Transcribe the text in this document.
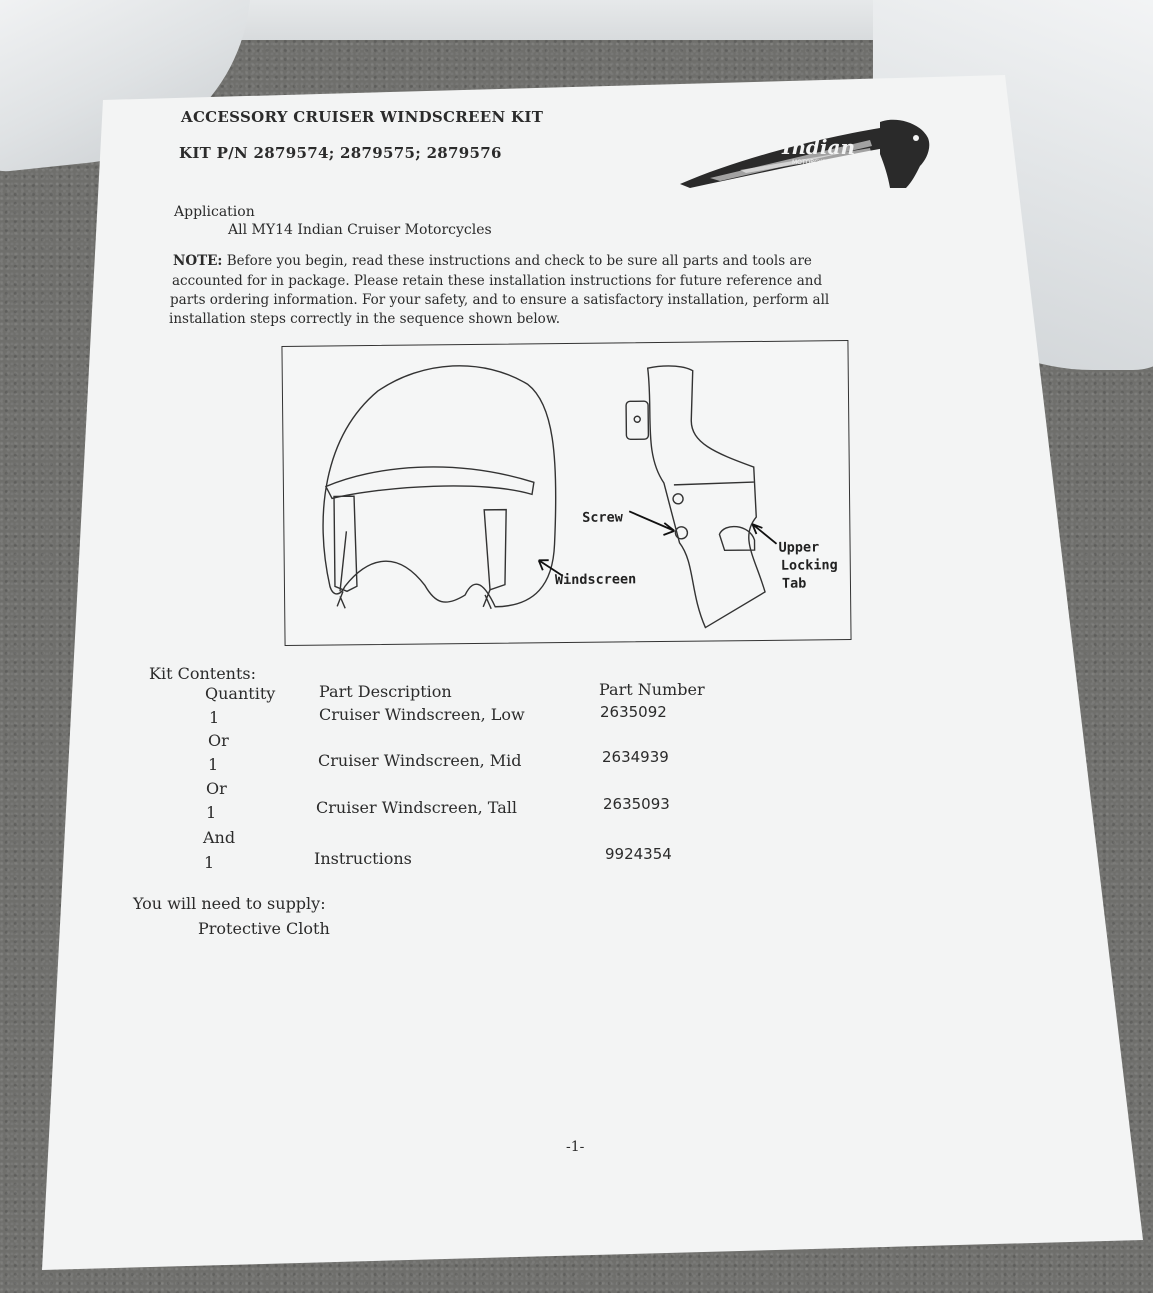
ACCESSORY CRUISER WINDSCREEN KIT
KIT P/N 2879574; 2879575; 2879576	Indian
MOTORCYCLE
Application
All MY14 Indian Cruiser Motorcycles
NOTE: Before you begin, read these instructions and check to be sure all parts and tools are
accounted for in package. Please retain these installation instructions for future reference and
parts ordering information. For your safety, and to ensure a satisfactory installation, perform all
installation steps correctly in the sequence shown below.
Screw
Windscreen
Upper
Locking
Tab
Kit Contents:
Quantity	Part Description	Part Number
1	Cruiser Windscreen, Low	2635092
Or
1	Cruiser Windscreen, Mid	2634939
Or
1	Cruiser Windscreen, Tall	2635093
And
1	Instructions	9924354
You will need to supply:
Protective Cloth
-1-
